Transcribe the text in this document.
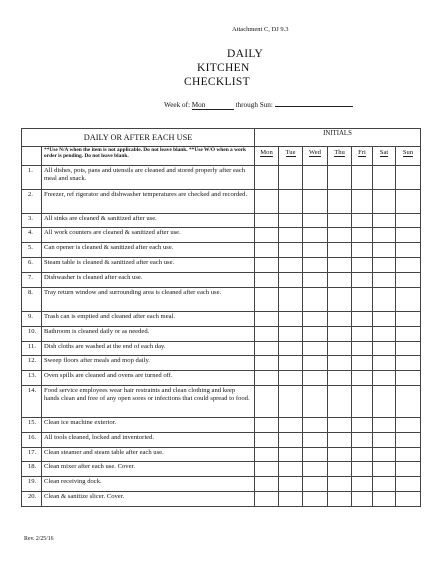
Attachment C, DJ 9.3
DAILY
KITCHEN
CHECKLIST
Week of: Mon	through Sun:
DAILY OR AFTER EACH USE		INITIALS						
	**Use N/A when the item is not applicable. Do not leave blank. **Use W/O when a work order is pending. Do not leave blank.	Mon	Tue	Wed	Thu	Fri	Sat	Sun
1.	All dishes, pots, pans and utensils are cleaned and stored properly after each meal and snack.							
2.	Freezer, ref rigerator and dishwasher temperatures are checked and recorded.							
3.	All sinks are cleaned & sanitized after use.							
4.	All work counters are cleaned & sanitized after use.							
5.	Can opener is cleaned & sanitized after each use.							
6.	Steam table is cleaned & sanitized after each use.							
7.	Dishwasher is cleaned after each use.							
8.	Tray return window and surrounding area is cleaned after each use.							
9.	Trash can is emptied and cleaned after each meal.							
10.	Bathroom is cleaned daily or as needed.							
11.	Dish cloths are washed at the end of each day.							
12.	Sweep floors after meals and mop daily.							
13.	Oven spills are cleaned and ovens are turned off.							
14.	Food service employees wear hair restraints and clean clothing and keep hands clean and free of any open sores or infections that could spread to food.							
15.	Clean ice machine exterior.							
16.	All tools cleaned, locked and inventoried.							
17.	Clean steamer and steam table after each use.							
18.	Clean mixer after each use. Cover.							
19.	Clean receiving dock.							
20.	Clean & sanitize slicer. Cover.							
Rev. 2/25/16
